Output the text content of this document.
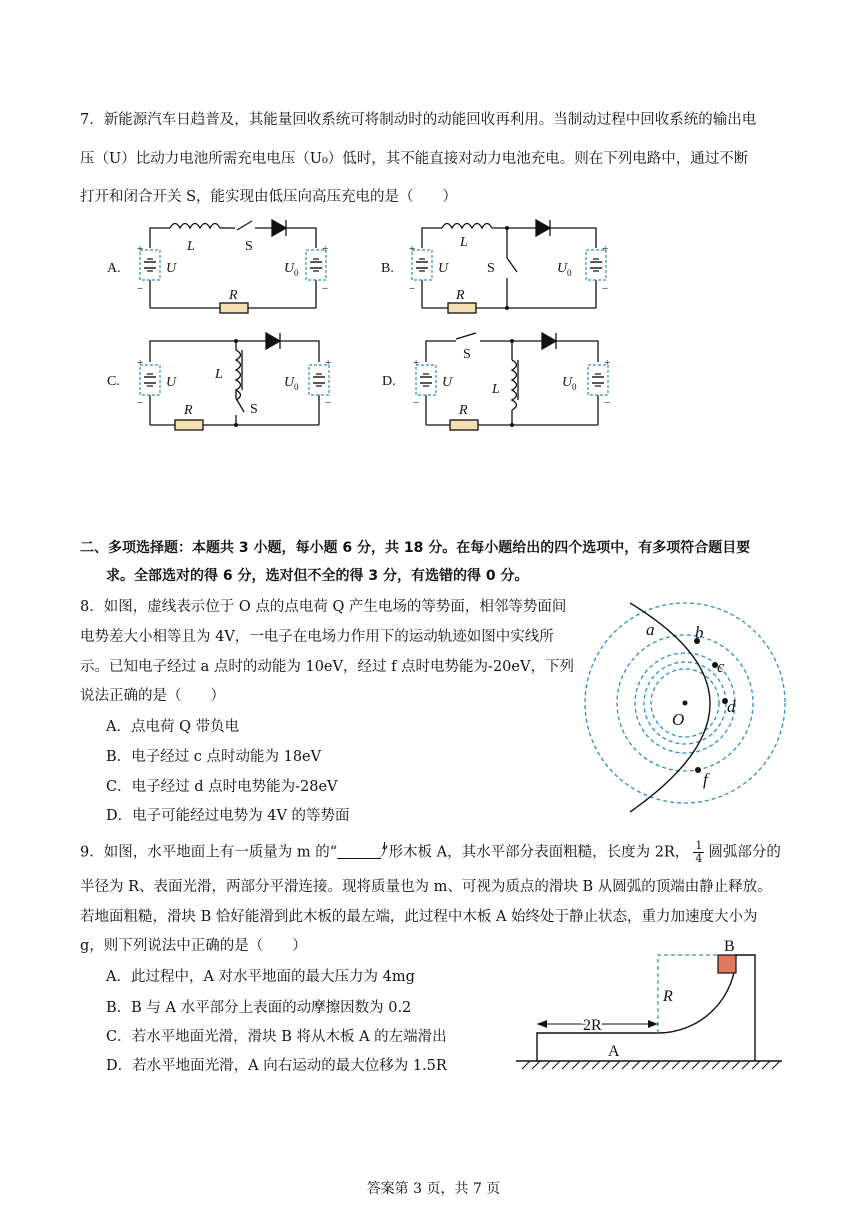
7．新能源汽车日趋普及，其能量回收系统可将制动时的动能回收再利用。当制动过程中回收系统的输出电
压（U）比动力电池所需充电电压（U₀）低时，其不能直接对动力电池充电。则在下列电路中，通过不断
打开和闭合开关 S，能实现由低压向高压充电的是（　　）
A.	B.
C.	D.
L	S
R
U	U 0
+
−
+
−
L
S
R
U	U 0
+
−
+
−
L
S
R
U	U 0
+
−
+
−
S
L
R
U	U 0
+
−
+
−
二、多项选择题：本题共 3 小题，每小题 6 分，共 18 分。在每小题给出的四个选项中，有多项符合题目要
求。全部选对的得 6 分，选对但不全的得 3 分，有选错的得 0 分。
8．如图，虚线表示位于 O 点的点电荷 Q 产生电场的等势面，相邻等势面间
电势差大小相等且为 4V，一电子在电场力作用下的运动轨迹如图中实线所
示。已知电子经过 a 点时的动能为 10eV，经过 f 点时电势能为-20eV，下列
说法正确的是（　　）
A．点电荷 Q 带负电
B．电子经过 c 点时动能为 18eV
C．电子经过 d 点时电势能为-28eV
D．电子可能经过电势为 4V 的等势面
a b
c
d
f
O
9．如图，水平地面上有一质量为 m 的“	”形木板 A，其水平部分表面粗糙，长度为 2R， $\frac{1}{4}$ 圆弧部分的
半径为 R、表面光滑，两部分平滑连接。现将质量也为 m、可视为质点的滑块 B 从圆弧的顶端由静止释放。
若地面粗糙，滑块 B 恰好能滑到此木板的最左端，此过程中木板 A 始终处于静止状态，重力加速度大小为
g，则下列说法中正确的是（　　）
A．此过程中，A 对水平地面的最大压力为 4mg
B．B 与 A 水平部分上表面的动摩擦因数为 0.2
C．若水平地面光滑，滑块 B 将从木板 A 的左端滑出
D．若水平地面光滑，A 向右运动的最大位移为 1.5R
B
R
2R
A
答案第 3 页，共 7 页
